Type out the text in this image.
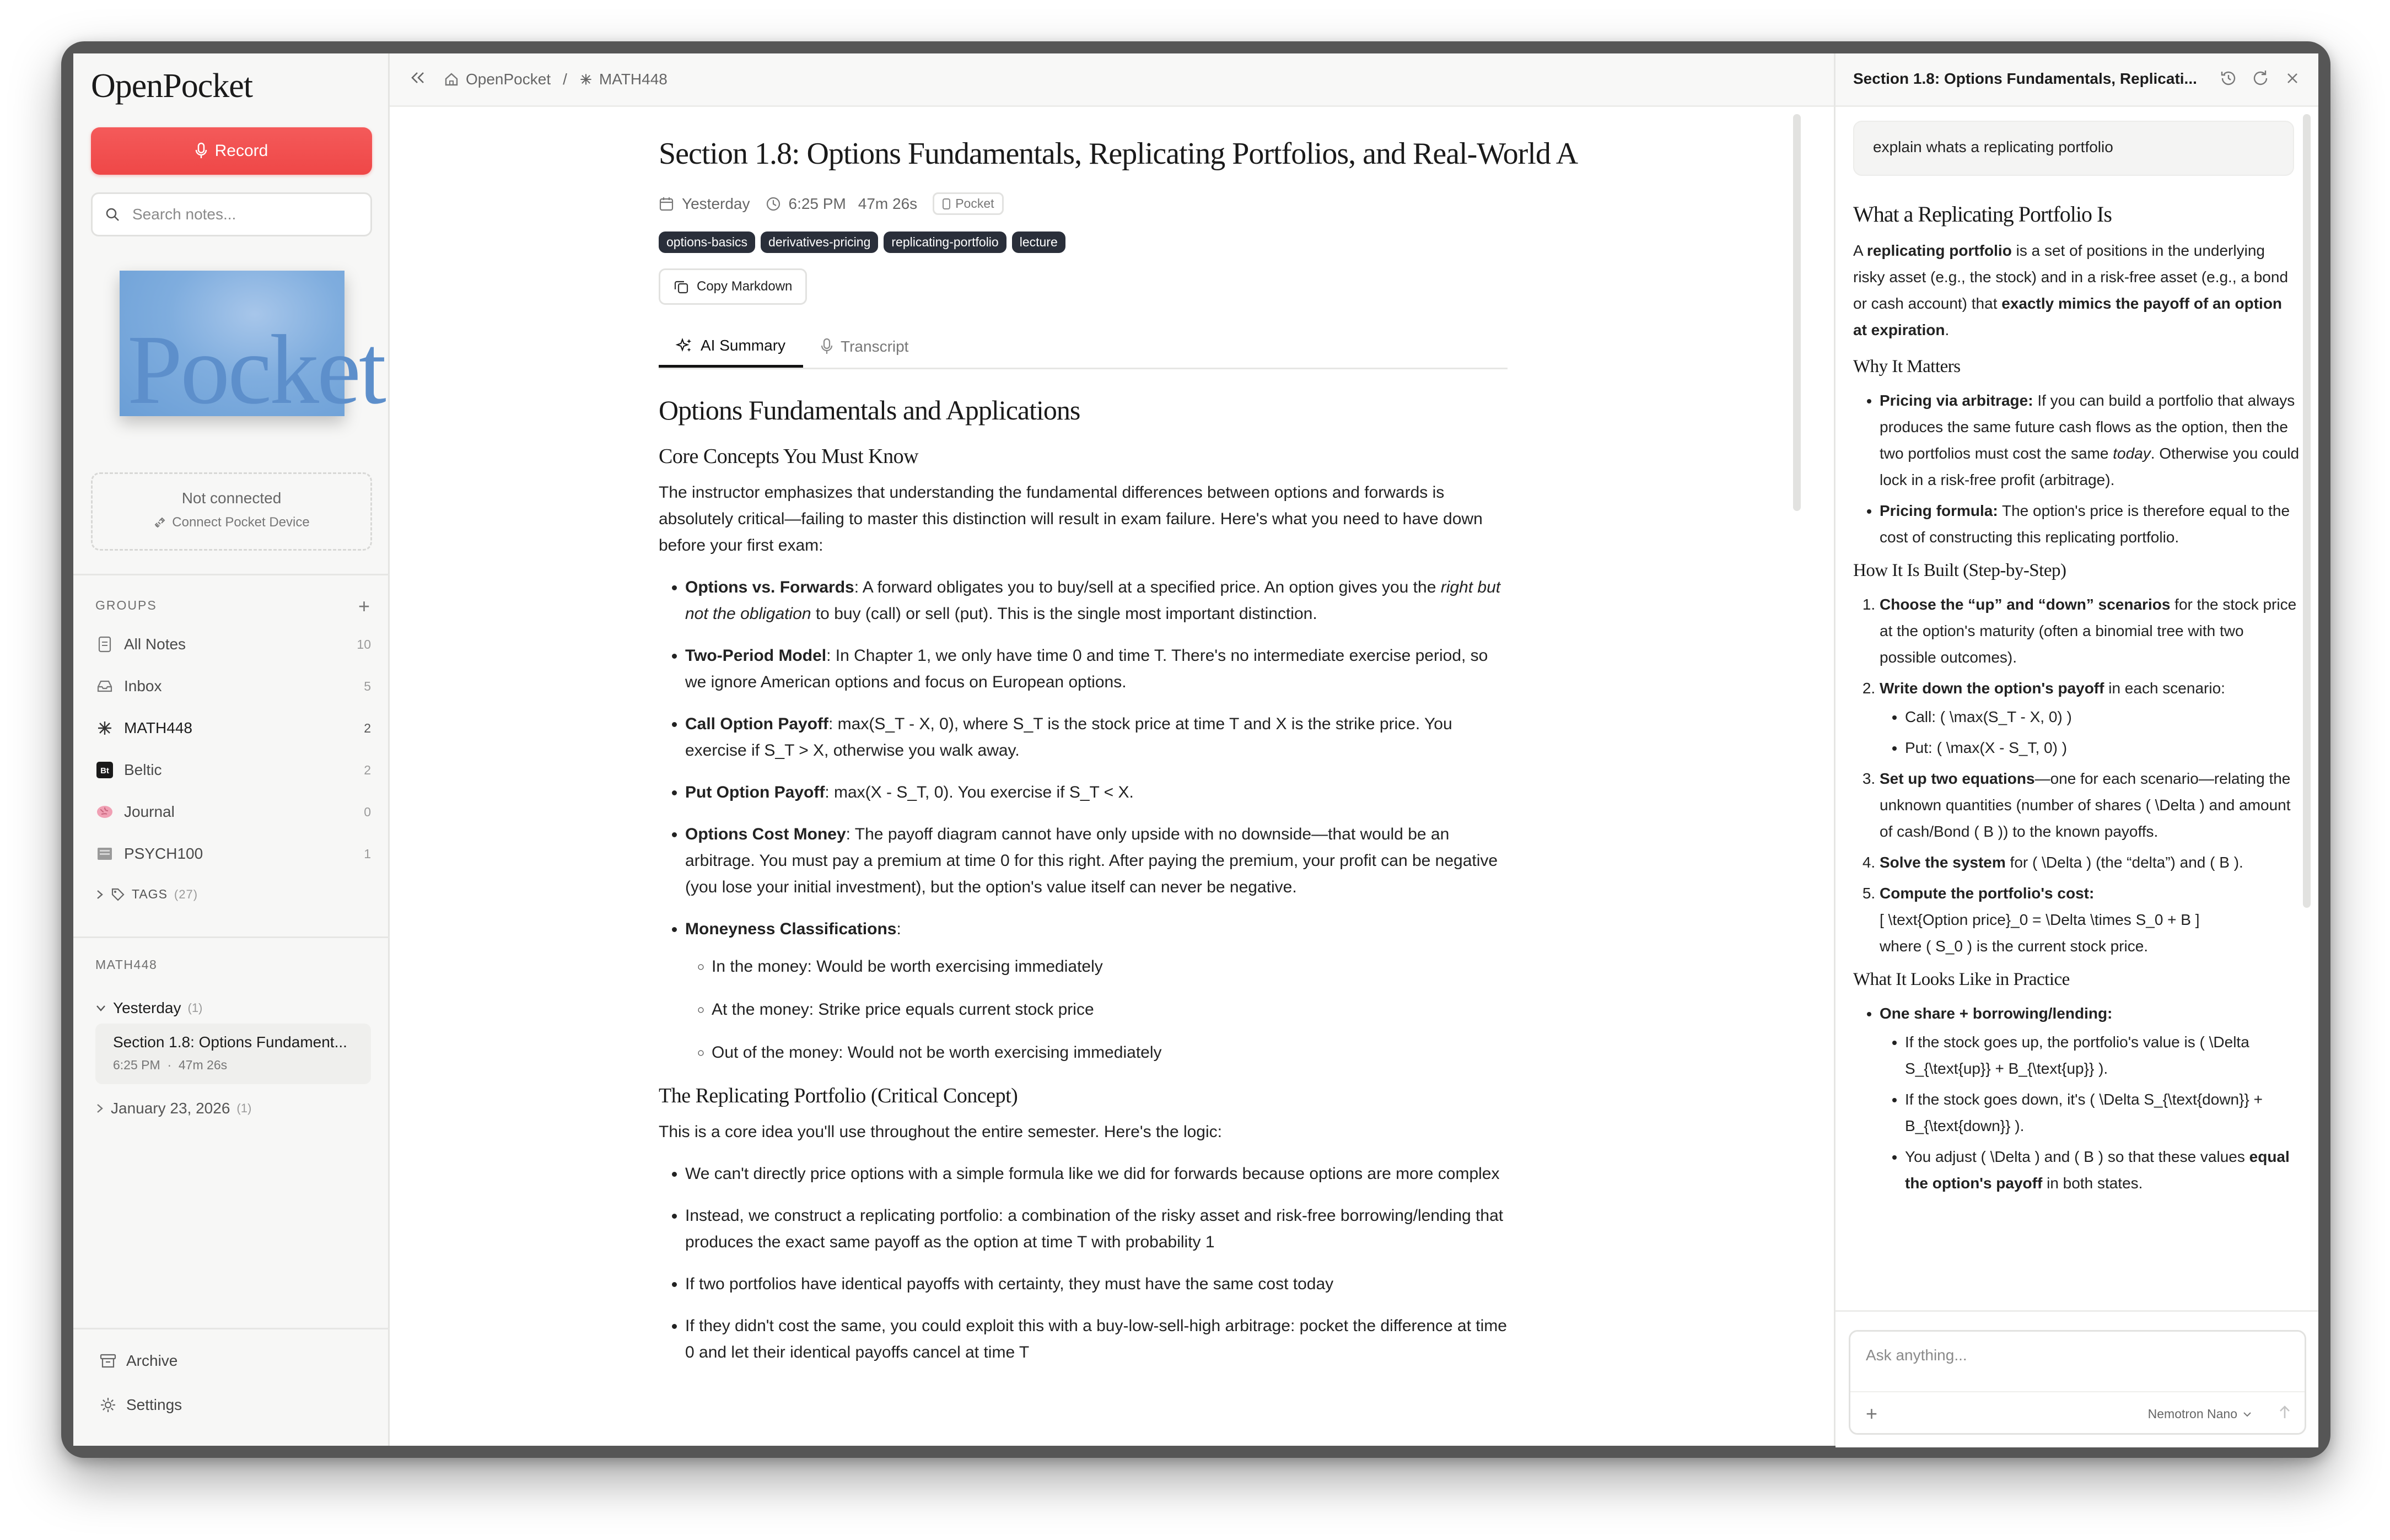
OpenPocket
Record
Search notes...
Pocket
Not connected
Connect Pocket Device
GROUPS	+
All Notes	10
Inbox	5
MATH448	2
Bt Beltic	2
Journal	0
PSYCH100	1
TAGS (27)
MATH448
Yesterday (1)
Section 1.8: Options Fundament...
6:25 PM · 47m 26s
January 23, 2026 (1)
Archive
Settings
OpenPocket / MATH448
Section 1.8: Options Fundamentals, Replicating Portfolios, and Real-World A
Yesterday	6:25 PM 47m 26s	Pocket
options-basics	derivatives-pricing	replicating-portfolio	lecture
Copy Markdown
AI Summary	Transcript
Options Fundamentals and Applications
Core Concepts You Must Know

The instructor emphasizes that understanding the fundamental differences between options and forwards is absolutely critical—failing to master this distinction will result in exam failure. Here's what you need to have down before your first exam:

• Options vs. Forwards: A forward obligates you to buy/sell at a specified price. An option gives you the right but not the obligation to buy (call) or sell (put). This is the single most important distinction.
• Two-Period Model: In Chapter 1, we only have time 0 and time T. There's no intermediate exercise period, so we ignore American options and focus on European options.
• Call Option Payoff: max(S_T - X, 0), where S_T is the stock price at time T and X is the strike price. You exercise if S_T > X, otherwise you walk away.
• Put Option Payoff: max(X - S_T, 0). You exercise if S_T < X.
• Options Cost Money: The payoff diagram cannot have only upside with no downside—that would be an arbitrage. You must pay a premium at time 0 for this right. After paying the premium, your profit can be negative (you lose your initial investment), but the option's value itself can never be negative.
• Moneyness Classifications:
◦ In the money: Would be worth exercising immediately
◦ At the money: Strike price equals current stock price
◦ Out of the money: Would not be worth exercising immediately
The Replicating Portfolio (Critical Concept)

This is a core idea you'll use throughout the entire semester. Here's the logic:

• We can't directly price options with a simple formula like we did for forwards because options are more complex
• Instead, we construct a replicating portfolio: a combination of the risky asset and risk-free borrowing/lending that produces the exact same payoff as the option at time T with probability 1
• If two portfolios have identical payoffs with certainty, they must have the same cost today
• If they didn't cost the same, you could exploit this with a buy-low-sell-high arbitrage: pocket the difference at time 0 and let their identical payoffs cancel at time T
Section 1.8: Options Fundamentals, Replicati...
explain whats a replicating portfolio
What a Replicating Portfolio Is

A replicating portfolio is a set of positions in the underlying risky asset (e.g., the stock) and in a risk-free asset (e.g., a bond or cash account) that exactly mimics the payoff of an option at expiration.

Why It Matters
• Pricing via arbitrage: If you can build a portfolio that always produces the same future cash flows as the option, then the two portfolios must cost the same today. Otherwise you could lock in a risk-free profit (arbitrage).
• Pricing formula: The option's price is therefore equal to the cost of constructing this replicating portfolio.
How It Is Built (Step-by-Step)
1. Choose the “up” and “down” scenarios for the stock price at the option's maturity (often a binomial tree with two possible outcomes).
2. Write down the option's payoff in each scenario:
• Call: ( \max(S_T - X, 0) )
• Put: ( \max(X - S_T, 0) )
3. Set up two equations—one for each scenario—relating the unknown quantities (number of shares ( \Delta ) and amount of cash/Bond ( B )) to the known payoffs.
4. Solve the system for ( \Delta ) (the “delta”) and ( B ).
5. Compute the portfolio's cost:
[ \text{Option price}_0 = \Delta \times S_0 + B ]
where ( S_0 ) is the current stock price.
What It Looks Like in Practice
• One share + borrowing/lending:
• If the stock goes up, the portfolio's value is ( \Delta S_{\text{up}} + B_{\text{up}} ).
• If the stock goes down, it's ( \Delta S_{\text{down}} + B_{\text{down}} ).
• You adjust ( \Delta ) and ( B ) so that these values equal the option's payoff in both states.
Ask anything...
+	Nemotron Nano
